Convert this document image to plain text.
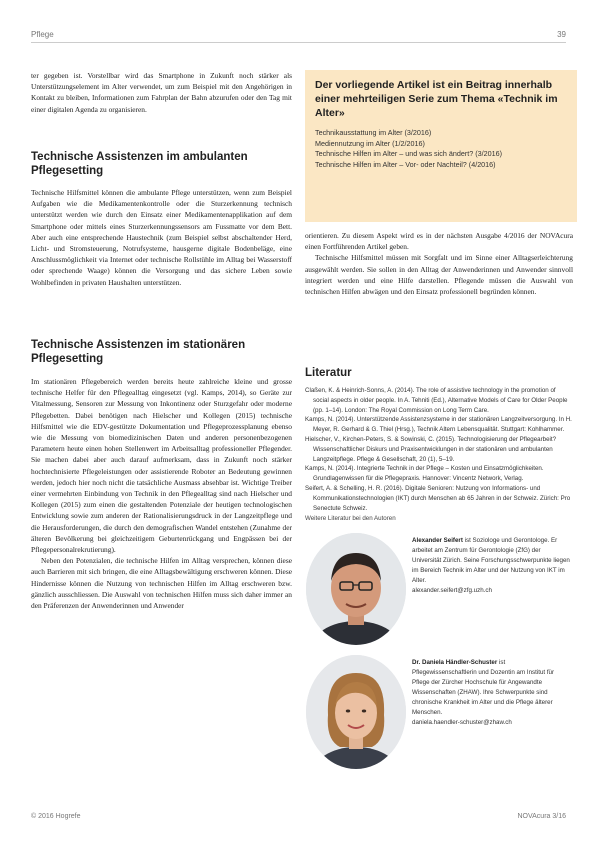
Pflege	39

ter gegeben ist. Vorstellbar wird das Smartphone in Zukunft noch stärker als Unterstützungselement im Alter verwendet, um zum Beispiel mit den Angehörigen in Kontakt zu bleiben, Informationen zum Fahrplan der Bahn abzurufen oder den Tag mit einer digitalen Agenda zu organisieren.

Technische Assistenzen im ambulanten Pflegesetting

Technische Hilfsmittel können die ambulante Pflege unterstützen, wenn zum Beispiel Aufgaben wie die Medikamentenkontrolle oder die Sturzerkennung technisch unterstützt werden wie durch den Einsatz einer Medikamentenapplikation auf dem Smartphone oder mittels eines Sturzerkennungssensors am Fussmatte vor dem Bett. Aber auch eine entsprechende Haustechnik (zum Beispiel selbst abschaltender Herd, Licht- und Stromsteuerung, Notrufsysteme, hausgerne digitale Bodenbeläge, eine Anschlussmöglichkeit via Internet oder technische Rollstühle im Alltag bei Wasserstoff oder sprechende Waage) können die Versorgung und das sichere Leben sowie Wohlbefinden in privaten Haushalten unterstützen.

Technische Assistenzen im stationären Pflegesetting

Im stationären Pflegebereich werden bereits heute zahlreiche kleine und grosse technische Helfer für den Pflegealltag eingesetzt (vgl. Kamps, 2014), so Geräte zur Vitalmessung, Sensoren zur Messung von Inkontinenz oder Sturzgefahr oder moderne Pflegebetten. Dabei benötigen nach Hielscher und Kollegen (2015) technische Hilfsmittel wie die EDV-gestützte Dokumentation und Pflegeprozessplanung ebenso wie die Messung von biomedizinischen Daten und anderen personenbezogenen Parametern heute einen hohen Stellenwert im Arbeitsalltag professioneller Pflegender. Sie machen dabei aber auch darauf aufmerksam, dass in Zukunft noch stärker hochtechnisierte Pflegeleistungen oder assistierende Roboter an Bedeutung gewinnen werden, jedoch hier noch nicht die tatsächliche Ausmass absehbar ist. Wichtige Treiber einer vermehrten Einbindung von Technik in den Pflegealltag sind nach Hielscher und Kollegen (2015) zum einen die gestaltenden Potenziale der heutigen technologischen Entwicklung sowie zum anderen der Rationalisierungsdruck in der Langzeitpflege und die Herausforderungen, die durch den demografischen Wandel entstehen (Zunahme der älteren Bevölkerung bei gleichzeitigem Geburtenrückgang und Engpässen bei der Pflegepersonalrekrutierung).

Neben den Potenzialen, die technische Hilfen im Alltag versprechen, können diese auch Barrieren mit sich bringen, die eine Alltagsbewältigung erschweren können. Diese Hindernisse können die Nutzung von technischen Hilfen im Alltag erschweren bzw. gänzlich ausschliessen. Die Auswahl von technischen Hilfen muss sich daher immer an den Präferenzen der Anwenderinnen und Anwender

Der vorliegende Artikel ist ein Beitrag innerhalb einer mehrteiligen Serie zum Thema «Technik im Alter»
Technikausstattung im Alter (3/2016)
Mediennutzung im Alter (1/2/2016)
Technische Hilfen im Alter – und was sich ändert? (3/2016)
Technische Hilfen im Alter – Vor- oder Nachteil? (4/2016)

orientieren. Zu diesem Aspekt wird es in der nächsten Ausgabe 4/2016 der NOVAcura einen Fortführenden Artikel geben.

Technische Hilfsmittel müssen mit Sorgfalt und im Sinne einer Alltagserleichterung ausgewählt werden. Sie sollen in den Alltag der Anwenderinnen und Anwender sinnvoll integriert werden und eine Hilfe darstellen. Pflegende müssen die Auswahl von technischen Hilfen abwägen und den Einsatz professionell begründen können.

Literatur
Claßen, K. & Heinrich-Sonns, A. (2014). The role of assistive technology in the promotion of social aspects in older people. In A. Tehniti (Ed.), Alternative Models of Care for Older People (pp. 1–14). London: The Royal Commission on Long Term Care.
Kamps, N. (2014). Unterstützende Assistenzsysteme in der stationären Langzeitversorgung. In H. Meyer, R. Gerhard & G. Thiel (Hrsg.), Technik Altern Lebensqualität. Stuttgart: Kohlhammer.
Hielscher, V., Kirchen-Peters, S. & Sowinski, C. (2015). Technologisierung der Pflegearbeit? Wissenschaftlicher Diskurs und Praxisentwicklungen in der stationären und ambulanten Langzeitpflege. Pflege & Gesellschaft, 20 (1), 5–19.
Kamps, N. (2014). Integrierte Technik in der Pflege – Kosten und Einsatzmöglichkeiten. Grundlagenwissen für die Pflegepraxis. Hannover: Vincentz Network, Verlag.
Seifert, A. & Schelling, H. R. (2016). Digitale Senioren: Nutzung von Informations- und Kommunikationstechnologien (IKT) durch Menschen ab 65 Jahren in der Schweiz. Zürich: Pro Senectute Schweiz.
Weitere Literatur bei den Autoren
Alexander Seifert ist Soziologe und Gerontologe. Er arbeitet am Zentrum für Gerontologie (ZfG) der Universität Zürich. Seine Forschungsschwerpunkte liegen im Bereich Technik im Alter und der Nutzung von IKT im Alter.
alexander.seifert@zfg.uzh.ch
Dr. Daniela Händler-Schuster ist Pflegewissenschaftlerin und Dozentin am Institut für Pflege der Zürcher Hochschule für Angewandte Wissenschaften (ZHAW). Ihre Schwerpunkte sind chronische Krankheit im Alter und die Pflege älterer Menschen.
daniela.haendler-schuster@zhaw.ch
© 2016 Hogrefe	NOVAcura 3/16
